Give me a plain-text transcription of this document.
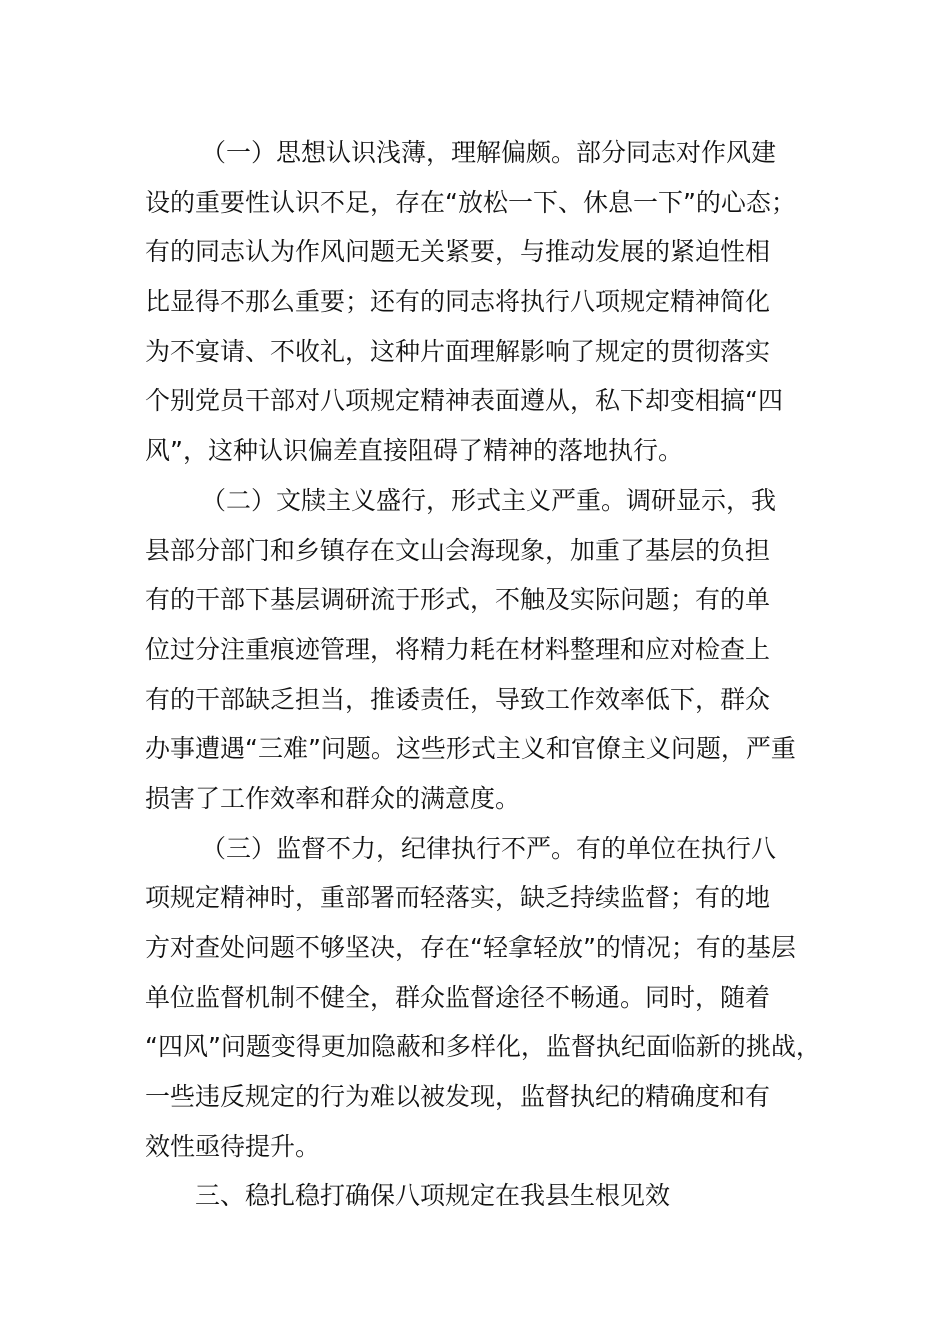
（一）思想认识浅薄，理解偏颇。部分同志对作风建
设的重要性认识不足，存在“放松一下、休息一下”的心态；
有的同志认为作风问题无关紧要，与推动发展的紧迫性相
比显得不那么重要；还有的同志将执行八项规定精神简化
为不宴请、不收礼，这种片面理解影响了规定的贯彻落实
个别党员干部对八项规定精神表面遵从，私下却变相搞“四
风”，这种认识偏差直接阻碍了精神的落地执行。
（二）文牍主义盛行，形式主义严重。调研显示，我
县部分部门和乡镇存在文山会海现象，加重了基层的负担
有的干部下基层调研流于形式，不触及实际问题；有的单
位过分注重痕迹管理，将精力耗在材料整理和应对检查上
有的干部缺乏担当，推诿责任，导致工作效率低下，群众
办事遭遇“三难”问题。这些形式主义和官僚主义问题，严重
损害了工作效率和群众的满意度。
（三）监督不力，纪律执行不严。有的单位在执行八
项规定精神时，重部署而轻落实，缺乏持续监督；有的地
方对查处问题不够坚决，存在“轻拿轻放”的情况；有的基层
单位监督机制不健全，群众监督途径不畅通。同时，随着
“四风”问题变得更加隐蔽和多样化，监督执纪面临新的挑战，
一些违反规定的行为难以被发现，监督执纪的精确度和有
效性亟待提升。
三、稳扎稳打确保八项规定在我县生根见效
